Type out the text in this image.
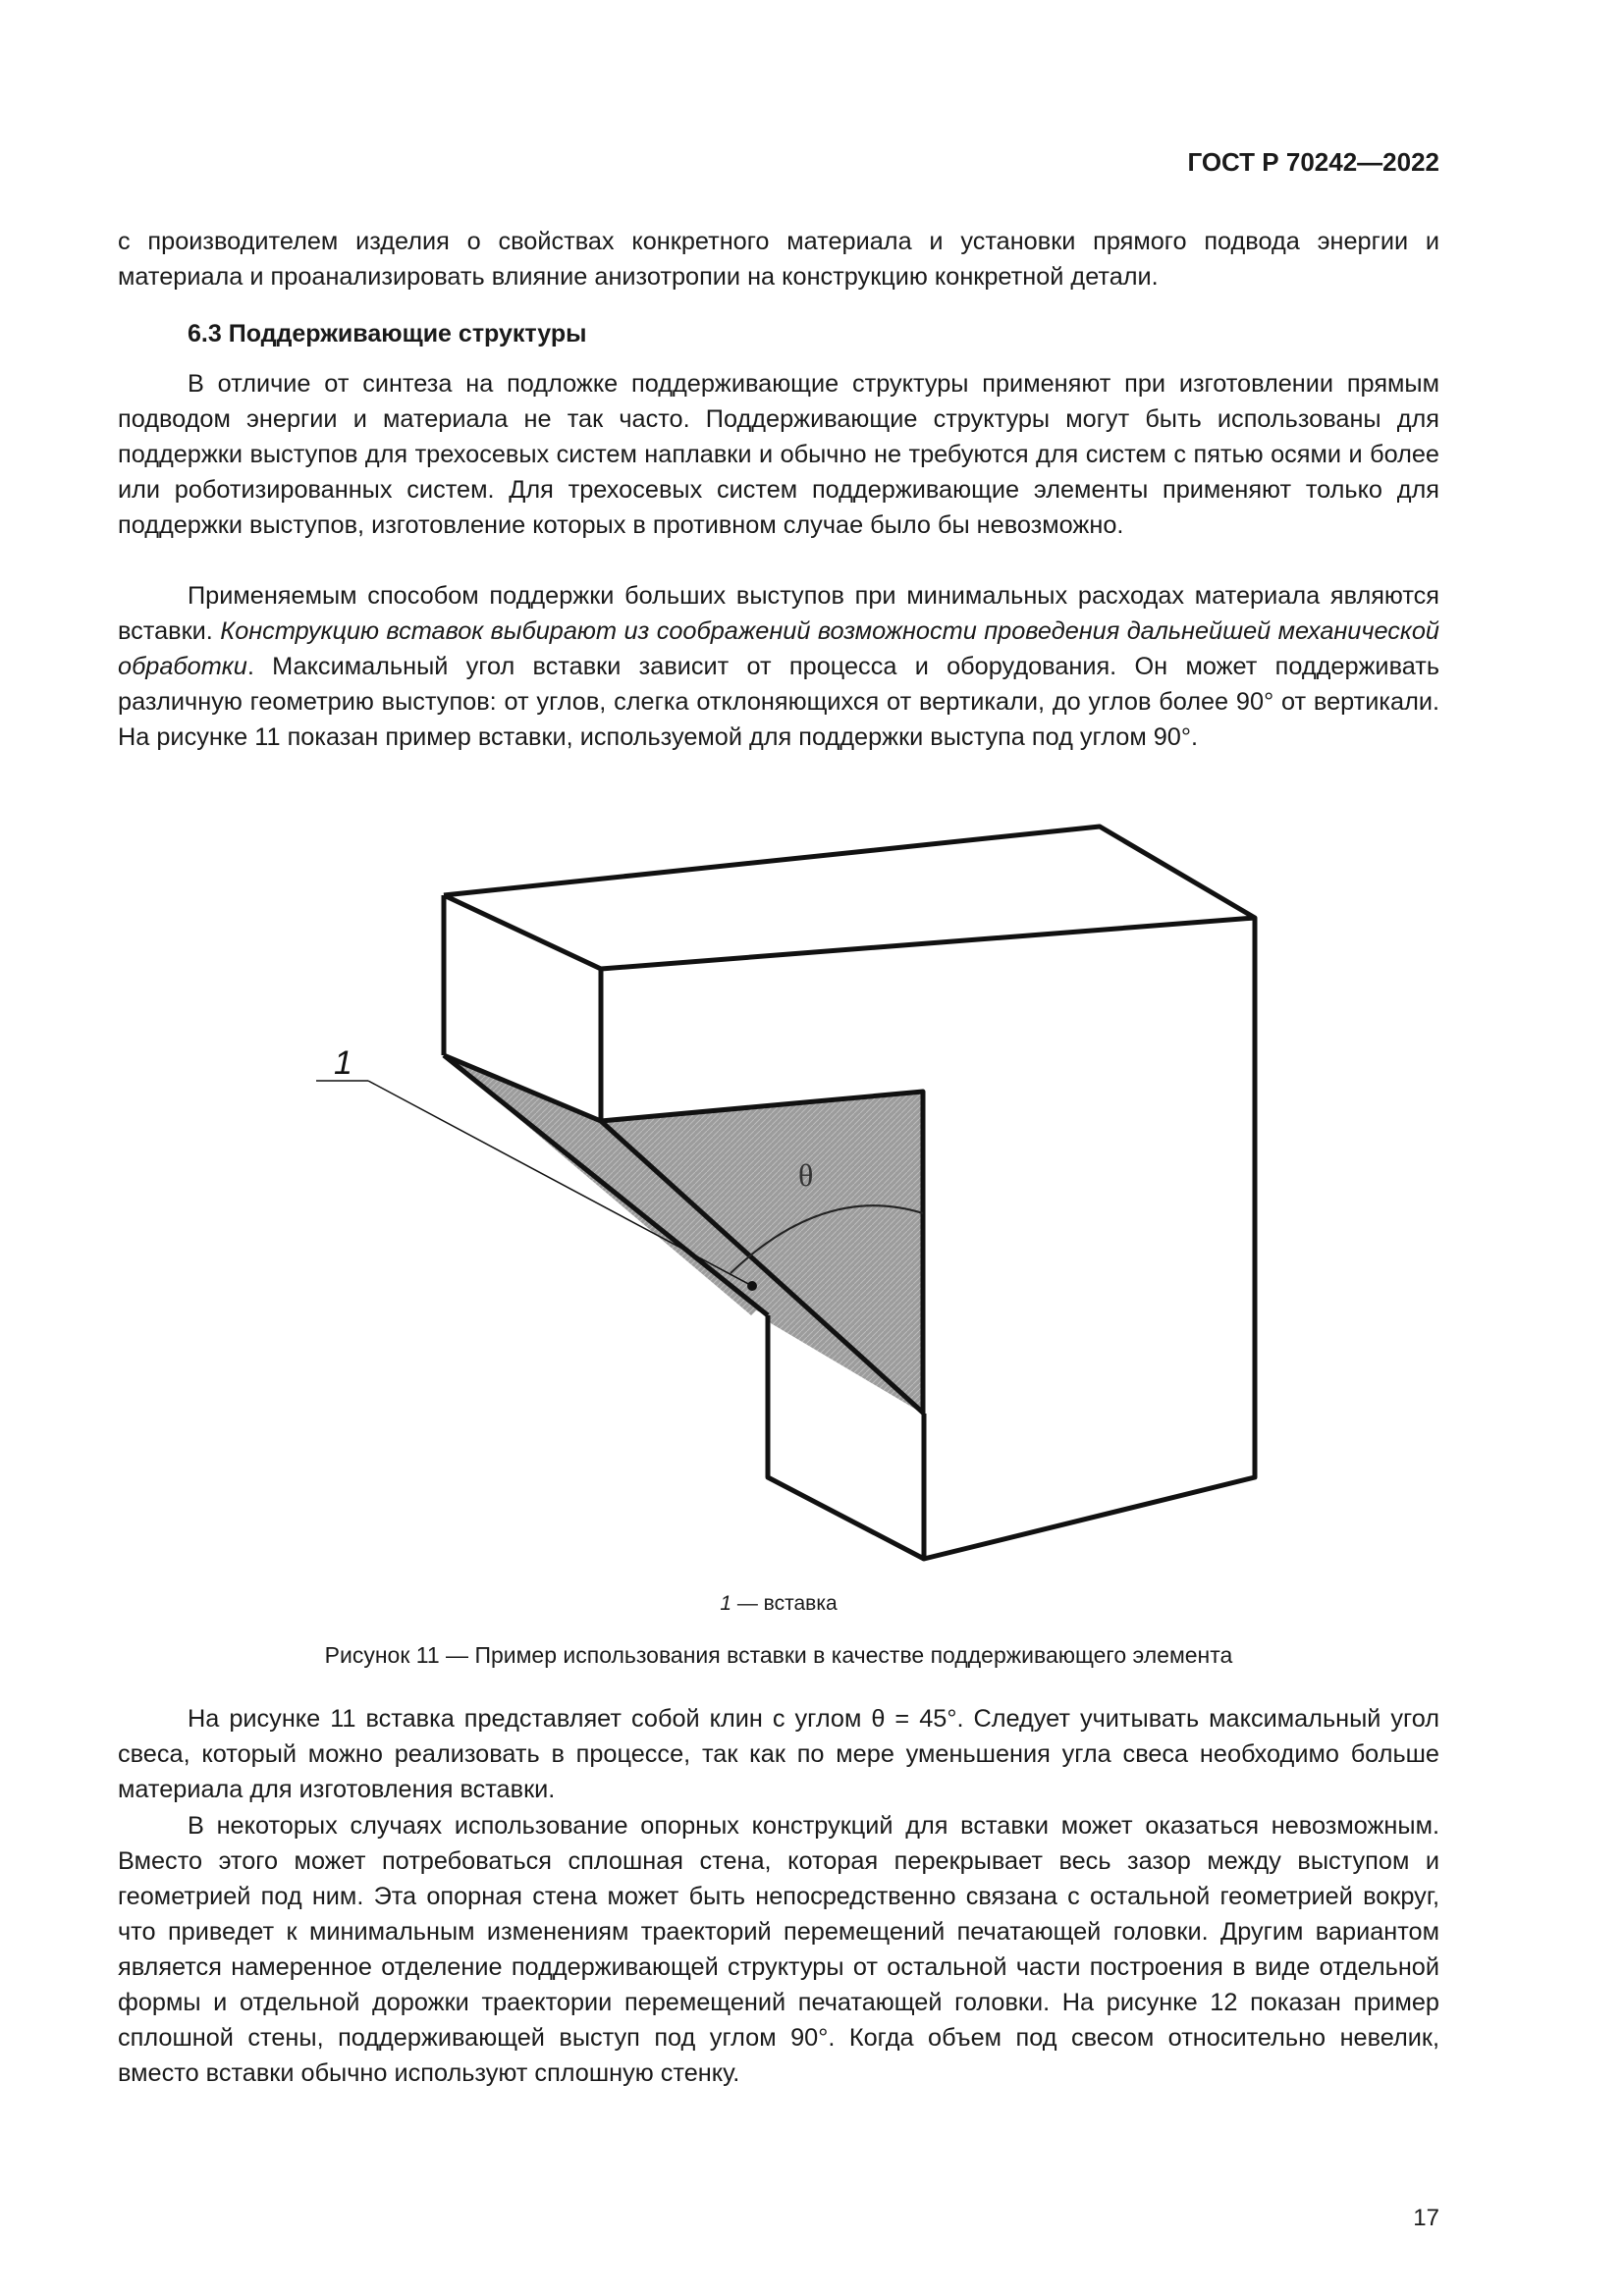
ГОСТ Р 70242—2022

с производителем изделия о свойствах конкретного материала и установки прямого подвода энергии и материала и проанализировать влияние анизотропии на конструкцию конкретной детали.

6.3 Поддерживающие структуры

В отличие от синтеза на подложке поддерживающие структуры применяют при изготовлении прямым подводом энергии и материала не так часто. Поддерживающие структуры могут быть использованы для поддержки выступов для трехосевых систем наплавки и обычно не требуются для систем с пятью осями и более или роботизированных систем. Для трехосевых систем поддерживающие элементы применяют только для поддержки выступов, изготовление которых в противном случае было бы невозможно.

Применяемым способом поддержки больших выступов при минимальных расходах материала являются вставки. Конструкцию вставок выбирают из соображений возможности проведения дальнейшей механической обработки. Максимальный угол вставки зависит от процесса и оборудования. Он может поддерживать различную геометрию выступов: от углов, слегка отклоняющихся от вертикали, до углов более 90° от вертикали. На рисунке 11 показан пример вставки, используемой для поддержки выступа под углом 90°.

θ
1
1 — вставка
Рисунок 11 — Пример использования вставки в качестве поддерживающего элемента

На рисунке 11 вставка представляет собой клин с углом θ = 45°. Следует учитывать максимальный угол свеса, который можно реализовать в процессе, так как по мере уменьшения угла свеса необходимо больше материала для изготовления вставки.

В некоторых случаях использование опорных конструкций для вставки может оказаться невозможным. Вместо этого может потребоваться сплошная стена, которая перекрывает весь зазор между выступом и геометрией под ним. Эта опорная стена может быть непосредственно связана с остальной геометрией вокруг, что приведет к минимальным изменениям траекторий перемещений печатающей головки. Другим вариантом является намеренное отделение поддерживающей структуры от остальной части построения в виде отдельной формы и отдельной дорожки траектории перемещений печатающей головки. На рисунке 12 показан пример сплошной стены, поддерживающей выступ под углом 90°. Когда объем под свесом относительно невелик, вместо вставки обычно используют сплошную стенку.

17
